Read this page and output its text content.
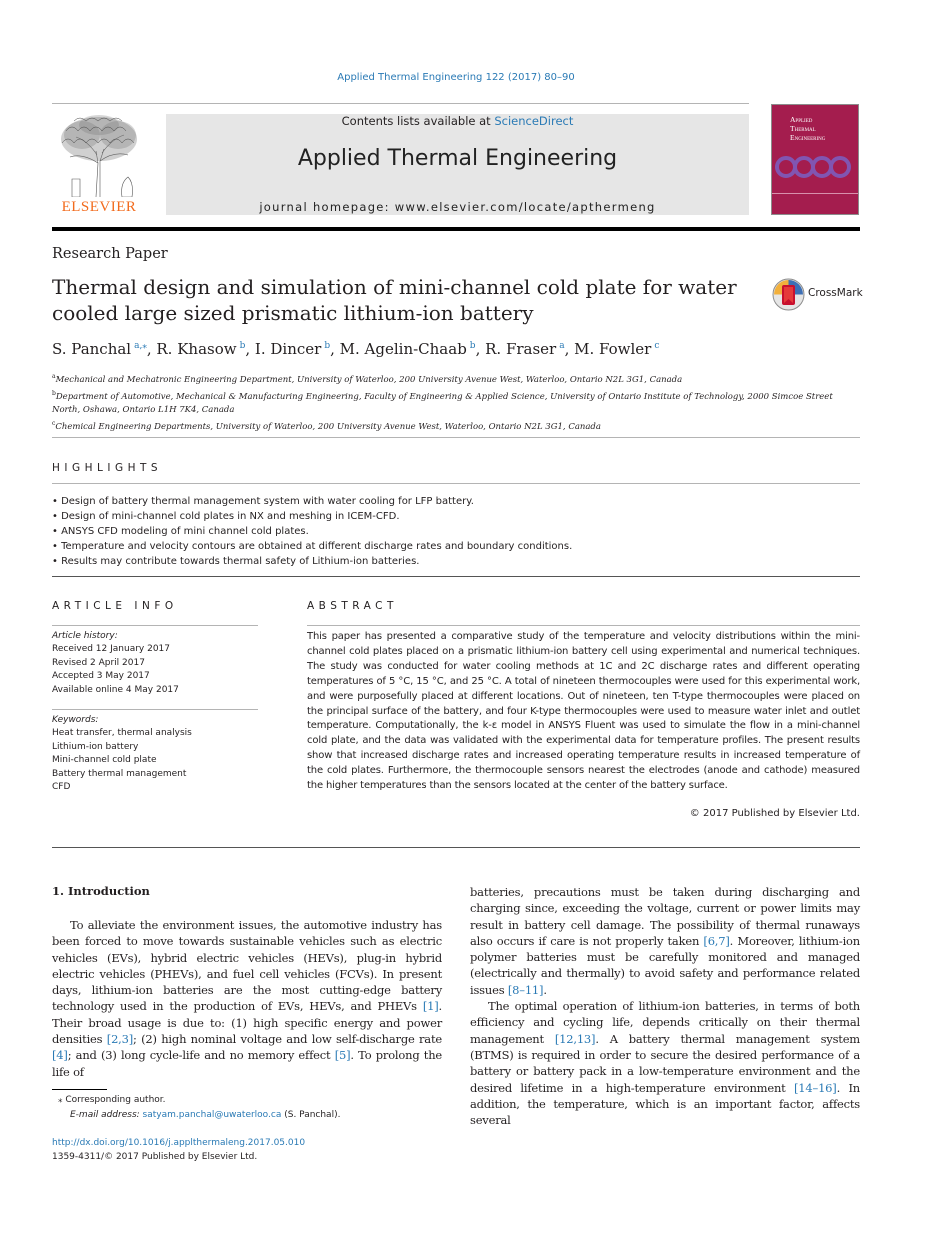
Applied Thermal Engineering 122 (2017) 80–90
ELSEVIER
Contents lists available at ScienceDirect
Applied Thermal Engineering
journal homepage: www.elsevier.com/locate/apthermeng
Applied
Thermal
Engineering
Research Paper
Thermal design and simulation of mini-channel cold plate for water cooled large sized prismatic lithium-ion battery
CrossMark
S. Panchal  $^{a,⁎}$, R. Khasow  $^b$, I. Dincer  $^b$, M. Agelin-Chaab  $^b$, R. Fraser  $^a$, M. Fowler  $^c$
$^a$Mechanical and Mechatronic Engineering Department, University of Waterloo, 200 University Avenue West, Waterloo, Ontario N2L 3G1, Canada
$^b$Department of Automotive, Mechanical & Manufacturing Engineering, Faculty of Engineering & Applied Science, University of Ontario Institute of Technology, 2000 Simcoe Street North, Oshawa, Ontario L1H 7K4, Canada
$^c$Chemical Engineering Departments, University of Waterloo, 200 University Avenue West, Waterloo, Ontario N2L 3G1, Canada
HIGHLIGHTS
• Design of battery thermal management system with water cooling for LFP battery.
• Design of mini-channel cold plates in NX and meshing in ICEM-CFD.
• ANSYS CFD modeling of mini channel cold plates.
• Temperature and velocity contours are obtained at different discharge rates and boundary conditions.
• Results may contribute towards thermal safety of Lithium-ion batteries.
ARTICLE INFO
Article history:
Received 12 January 2017
Revised 2 April 2017
Accepted 3 May 2017
Available online 4 May 2017
Keywords:
Heat transfer, thermal analysis
Lithium-ion battery
Mini-channel cold plate
Battery thermal management
CFD
ABSTRACT
This paper has presented a comparative study of the temperature and velocity distributions within the mini-channel cold plates placed on a prismatic lithium-ion battery cell using experimental and numerical techniques. The study was conducted for water cooling methods at 1C and 2C discharge rates and different operating temperatures of 5 °C, 15 °C, and 25 °C. A total of nineteen thermocouples were used for this experimental work, and were purposefully placed at different locations. Out of nineteen, ten T-type thermocouples were placed on the principal surface of the battery, and four K-type thermocouples were used to measure water inlet and outlet temperature. Computationally, the k-ε model in ANSYS Fluent was used to simulate the flow in a mini-channel cold plate, and the data was validated with the experimental data for temperature profiles. The present results show that increased discharge rates and increased operating temperature results in increased temperature of the cold plates. Furthermore, the thermocouple sensors nearest the electrodes (anode and cathode) measured the higher temperatures than the sensors located at the center of the battery surface.
© 2017 Published by Elsevier Ltd.
1. Introduction

To alleviate the environment issues, the automotive industry has been forced to move towards sustainable vehicles such as electric vehicles (EVs), hybrid electric vehicles (HEVs), plug-in hybrid electric vehicles (PHEVs), and fuel cell vehicles (FCVs). In present days, lithium-ion batteries are the most cutting-edge battery technology used in the production of EVs, HEVs, and PHEVs [1]. Their broad usage is due to: (1) high specific energy and power densities [2,3]; (2) high nominal voltage and low self-discharge rate [4]; and (3) long cycle-life and no memory effect [5]. To prolong the life of

batteries, precautions must be taken during discharging and charging since, exceeding the voltage, current or power limits may result in battery cell damage. The possibility of thermal runaways also occurs if care is not properly taken [6,7]. Moreover, lithium-ion polymer batteries must be carefully monitored and managed (electrically and thermally) to avoid safety and performance related issues [8–11].

The optimal operation of lithium-ion batteries, in terms of both efficiency and cycling life, depends critically on their thermal management [12,13]. A battery thermal management system (BTMS) is required in order to secure the desired performance of a battery or battery pack in a low-temperature environment and the desired lifetime in a high-temperature environment [14–16]. In addition, the temperature, which is an important factor, affects several

⁎ Corresponding author.
E-mail address: satyam.panchal@uwaterloo.ca (S. Panchal).
http://dx.doi.org/10.1016/j.applthermaleng.2017.05.010
1359-4311/© 2017 Published by Elsevier Ltd.
